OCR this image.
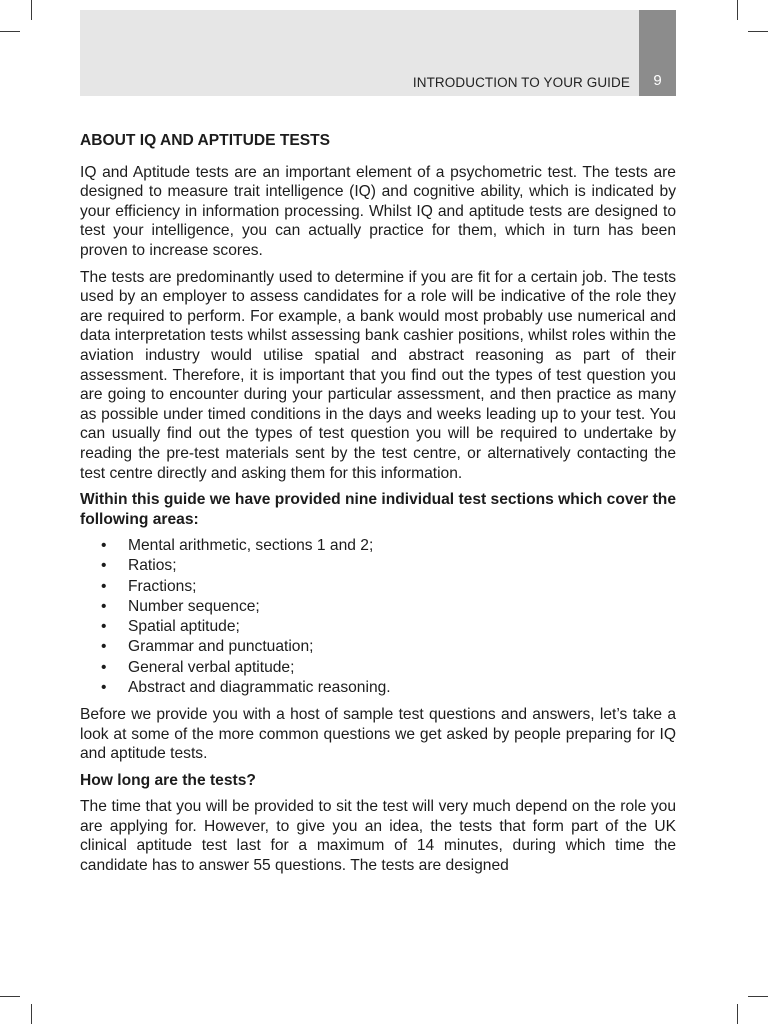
INTRODUCTION TO YOUR GUIDE	9
ABOUT IQ AND APTITUDE TESTS

IQ and Aptitude tests are an important element of a psychometric test. The tests are designed to measure trait intelligence (IQ) and cognitive ability, which is indicated by your efficiency in information processing. Whilst IQ and aptitude tests are designed to test your intelligence, you can actually practice for them, which in turn has been proven to increase scores.

The tests are predominantly used to determine if you are fit for a certain job. The tests used by an employer to assess candidates for a role will be indicative of the role they are required to perform. For example, a bank would most probably use numerical and data interpretation tests whilst assessing bank cashier positions, whilst roles within the aviation industry would utilise spatial and abstract reasoning as part of their assessment. Therefore, it is important that you find out the types of test question you are going to encounter during your particular assessment, and then practice as many as possible under timed conditions in the days and weeks leading up to your test. You can usually find out the types of test question you will be required to undertake by reading the pre-test materials sent by the test centre, or alternatively contacting the test centre directly and asking them for this information.

Within this guide we have provided nine individual test sections which cover the following areas:

• Mental arithmetic, sections 1 and 2;
• Ratios;
• Fractions;
• Number sequence;
• Spatial aptitude;
• Grammar and punctuation;
• General verbal aptitude;
• Abstract and diagrammatic reasoning.

Before we provide you with a host of sample test questions and answers, let’s take a look at some of the more common questions we get asked by people preparing for IQ and aptitude tests.

How long are the tests?

The time that you will be provided to sit the test will very much depend on the role you are applying for. However, to give you an idea, the tests that form part of the UK clinical aptitude test last for a maximum of 14 minutes, during which time the candidate has to answer 55 questions. The tests are designed
